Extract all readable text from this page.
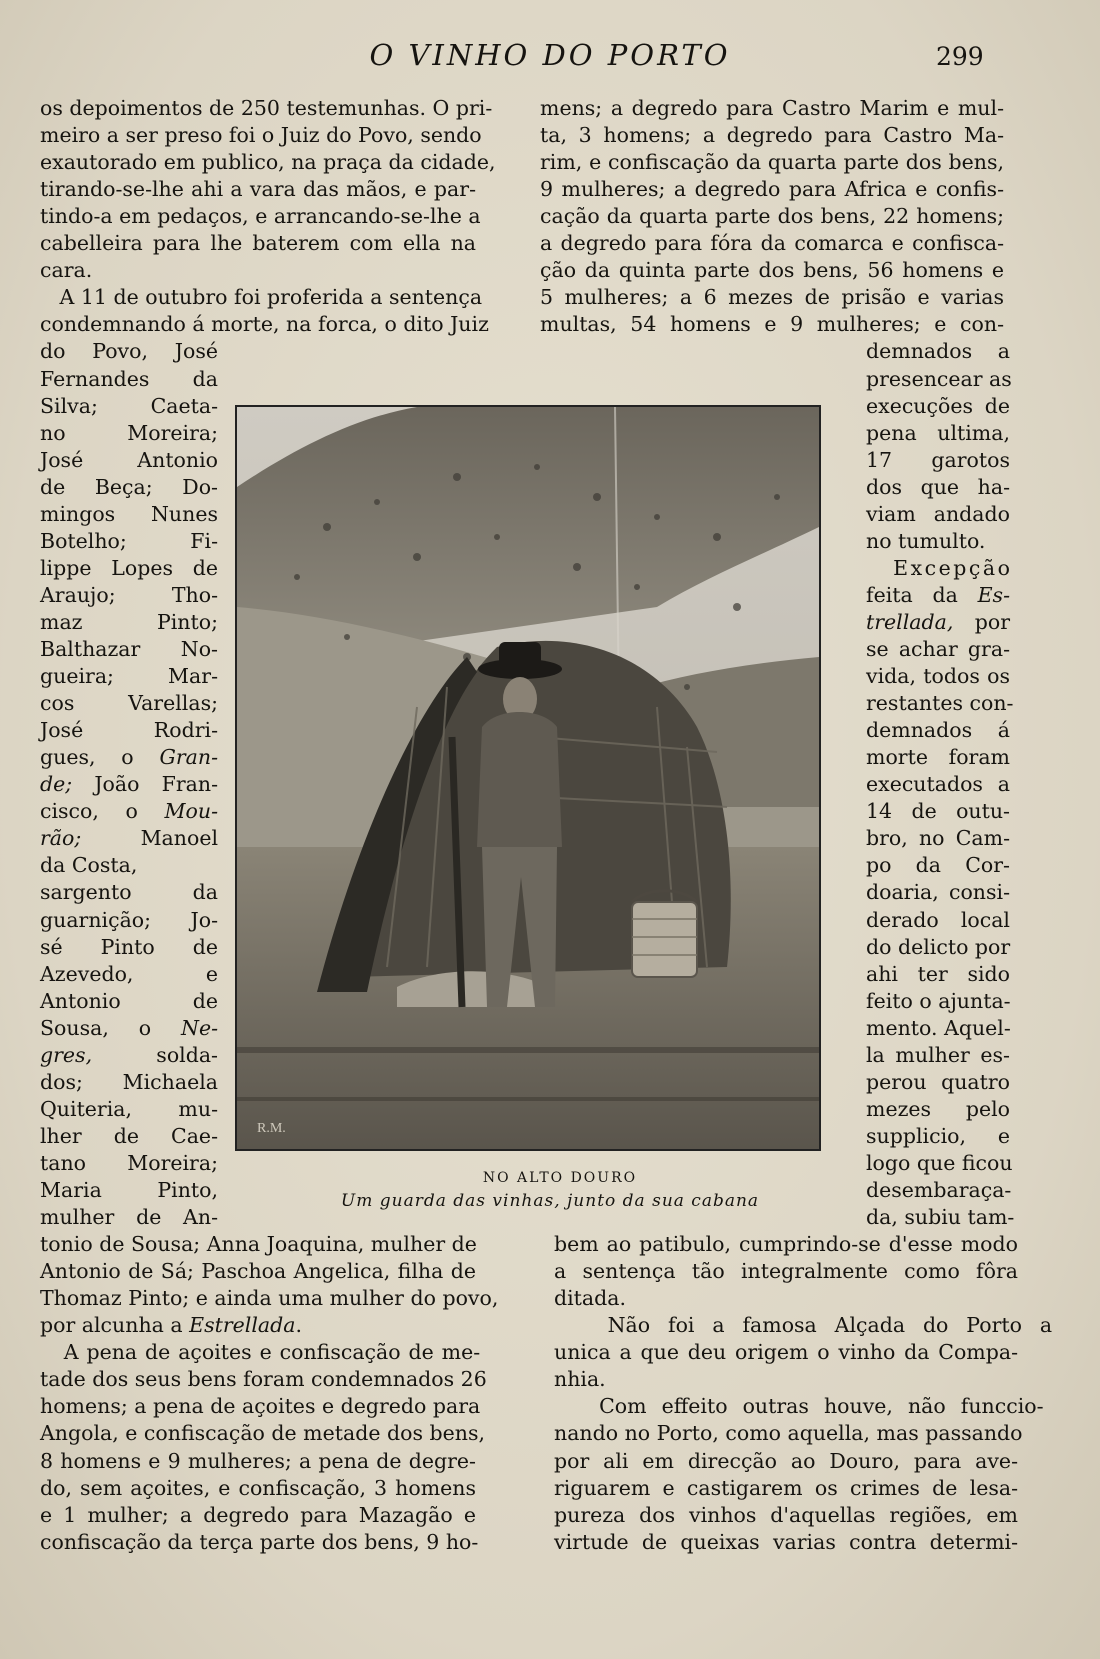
O VINHO DO PORTO	299
os depoimentos de 250 testemunhas. O pri-
meiro a ser preso foi o Juiz do Povo, sendo
exautorado em publico, na praça da cidade,
tirando-se-lhe ahi a vara das mãos, e par-
tindo-a em pedaços, e arrancando-se-lhe a
cabelleira para lhe baterem com ella na
cara.
A 11 de outubro foi proferida a sentença
condemnando á morte, na forca, o dito Juiz
do Povo, José
Fernandes da
Silva; Caeta-
no Moreira;
José Antonio
de Beça; Do-
mingos Nunes
Botelho; Fi-
lippe Lopes de
Araujo; Tho-
maz Pinto;
Balthazar No-
gueira; Mar-
cos Varellas;
José Rodri-
gues, o Gran-
de; João Fran-
cisco, o Mou-
rão; Manoel
da Costa,
sargento da
guarnição; Jo-
sé Pinto de
Azevedo, e
Antonio de
Sousa, o Ne-
gres, solda-
dos; Michaela
Quiteria, mu-
lher de Cae-
tano Moreira;
Maria Pinto,
mulher de An-
tonio de Sousa; Anna Joaquina, mulher de
Antonio de Sá; Paschoa Angelica, filha de
Thomaz Pinto; e ainda uma mulher do povo,
por alcunha a Estrellada.
A pena de açoites e confiscação de me-
tade dos seus bens foram condemnados 26
homens; a pena de açoites e degredo para
Angola, e confiscação de metade dos bens,
8 homens e 9 mulheres; a pena de degre-
do, sem açoites, e confiscação, 3 homens
e 1 mulher; a degredo para Mazagão e
confiscação da terça parte dos bens, 9 ho-
mens; a degredo para Castro Marim e mul-
ta, 3 homens; a degredo para Castro Ma-
rim, e confiscação da quarta parte dos bens,
9 mulheres; a degredo para Africa e confis-
cação da quarta parte dos bens, 22 homens;
a degredo para fóra da comarca e confisca-
ção da quinta parte dos bens, 56 homens e
5 mulheres; a 6 mezes de prisão e varias
multas, 54 homens e 9 mulheres; e con-
demnados a
presencear as
execuções de
pena ultima,
17 garotos
dos que ha-
viam andado
no tumulto.
Excepção
feita da Es-
trellada, por
se achar gra-
vida, todos os
restantes con-
demnados á
morte foram
executados a
14 de outu-
bro, no Cam-
po da Cor-
doaria, consi-
derado local
do delicto por
ahi ter sido
feito o ajunta-
mento. Aquel-
la mulher es-
perou quatro
mezes pelo
supplicio, e
logo que ficou
desembaraça-
da, subiu tam-
bem ao patibulo, cumprindo-se d'esse modo
a sentença tão integralmente como fôra
ditada.
Não foi a famosa Alçada do Porto a
unica a que deu origem o vinho da Compa-
nhia.
Com effeito outras houve, não funccio-
nando no Porto, como aquella, mas passando
por ali em direcção ao Douro, para ave-
riguarem e castigarem os crimes de lesa-
pureza dos vinhos d'aquellas regiões, em
virtude de queixas varias contra determi-
R.M.
NO ALTO DOURO
Um guarda das vinhas, junto da sua cabana
